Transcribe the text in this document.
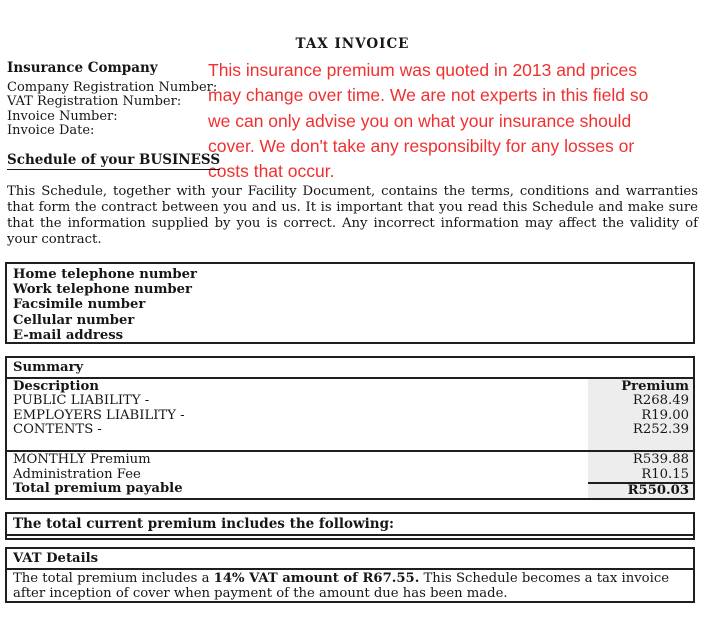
TAX INVOICE
Insurance Company
Company Registration Number:
VAT Registration Number:
Invoice Number:
Invoice Date:
This insurance premium was quoted in 2013 and prices
may change over time. We are not experts in this field so
we can only advise you on what your insurance should
cover. We don't take any responsibilty for any losses or
costs that occur.
Schedule of your BUSINESS
This Schedule, together with your Facility Document, contains the terms, conditions and warranties that form the contract between you and us. It is important that you read this Schedule and make sure that the information supplied by you is correct. Any incorrect information may affect the validity of your contract.
Home telephone number
Work telephone number
Facsimile number
Cellular number
E-mail address
Summary
Description	Premium
PUBLIC LIABILITY -	R268.49
EMPLOYERS LIABILITY -	R19.00
CONTENTS -	R252.39
MONTHLY Premium	R539.88
Administration Fee	R10.15
Total premium payable	R550.03
The total current premium includes the following:
VAT Details
The total premium includes a 14% VAT amount of R67.55. This Schedule becomes a tax invoice after inception of cover when payment of the amount due has been made.
